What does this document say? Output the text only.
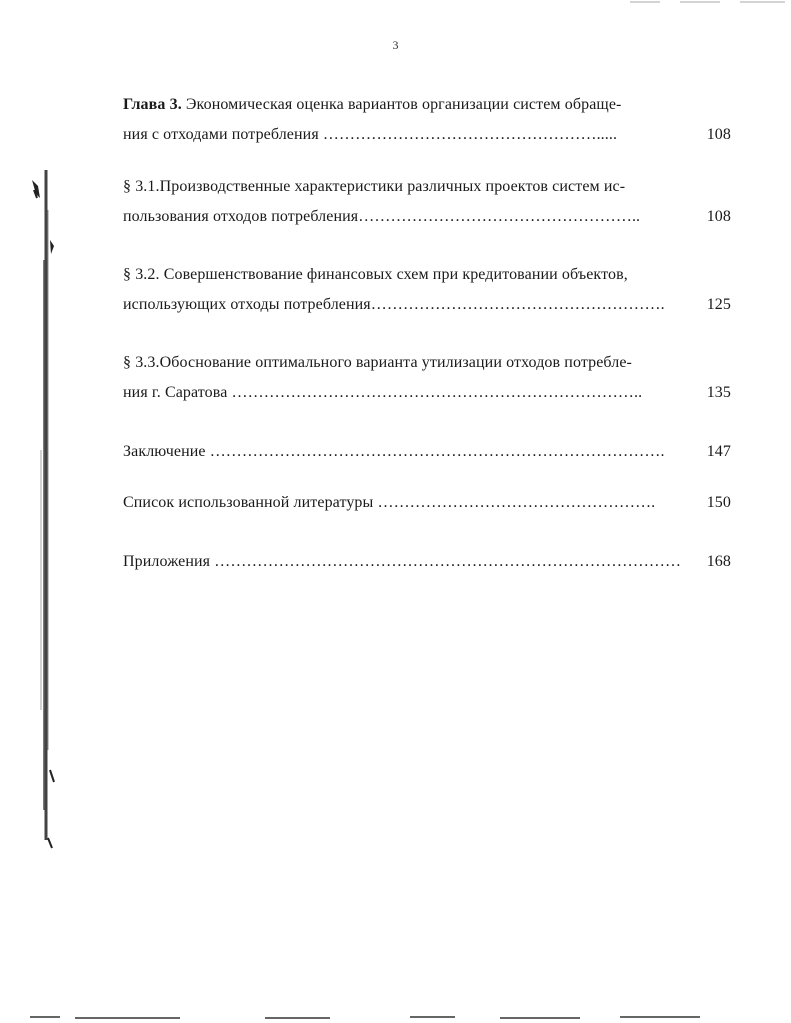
3
Глава 3. Экономическая оценка вариантов организации систем обраще-
ния с отходами потребления …………………………………………….....	108
§ 3.1.Производственные характеристики различных проектов систем ис-
пользования отходов потребления……………………………………………..	108
§ 3.2. Совершенствование финансовых схем при кредитовании объектов,
использующих отходы потребления……………………………………………….	125
§ 3.3.Обоснование оптимального варианта утилизации отходов потребле-
ния г. Саратова …………………………………………………………………..	135
Заключение ………………………………………………………………………….	147
Список использованной литературы …………………………………………….	150
Приложения ……………………………………………………………………………	168
